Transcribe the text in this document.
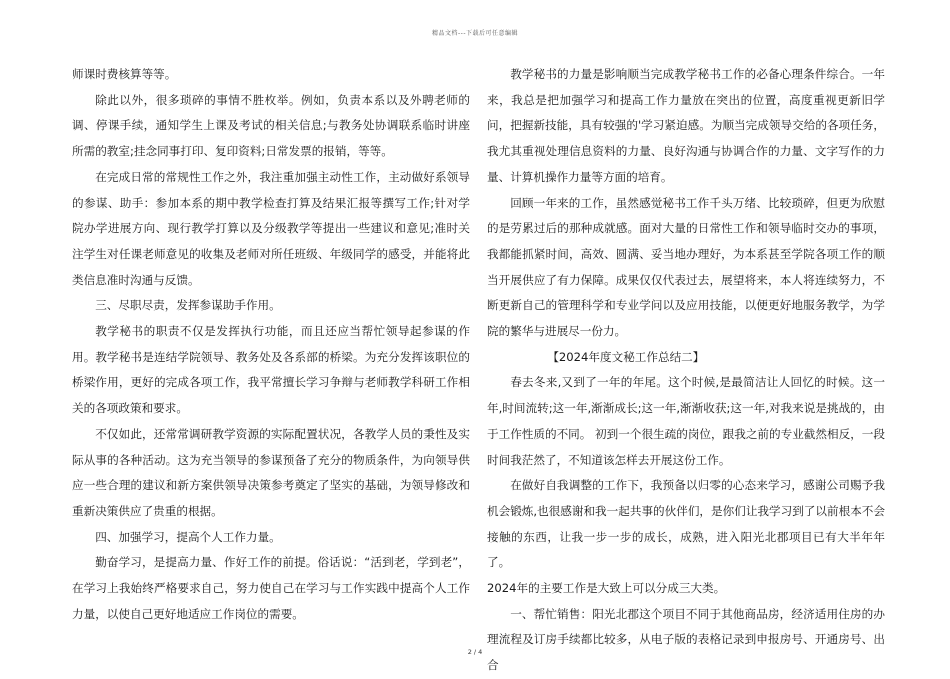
精品文档---下载后可任意编辑

师课时费核算等等。

除此以外，很多琐碎的事情不胜枚举。例如，负责本系以及外聘老师的调、停课手续，通知学生上课及考试的相关信息;与教务处协调联系临时讲座所需的教室;挂念同事打印、复印资料;日常发票的报销，等等。

在完成日常的常规性工作之外，我注重加强主动性工作，主动做好系领导的参谋、助手：参加本系的期中教学检查打算及结果汇报等撰写工作;针对学院办学进展方向、现行教学打算以及分级教学等提出一些建议和意见;准时关注学生对任课老师意见的收集及老师对所任班级、年级同学的感受，并能将此类信息准时沟通与反馈。

三、尽职尽责，发挥参谋助手作用。

教学秘书的职责不仅是发挥执行功能，而且还应当帮忙领导起参谋的作用。教学秘书是连结学院领导、教务处及各系部的桥梁。为充分发挥该职位的桥梁作用，更好的完成各项工作，我平常擅长学习争辩与老师教学科研工作相关的各项政策和要求。

不仅如此，还常常调研教学资源的实际配置状况，各教学人员的秉性及实际从事的各种活动。这为充当领导的参谋预备了充分的物质条件，为向领导供应一些合理的建议和新方案供领导决策参考奠定了坚实的基础，为领导修改和重新决策供应了贵重的根据。

四、加强学习，提高个人工作力量。

勤奋学习，是提高力量、作好工作的前提。俗话说：“活到老，学到老”，在学习上我始终严格要求自己，努力使自己在学习与工作实践中提高个人工作力量，以使自己更好地适应工作岗位的需要。

教学秘书的力量是影响顺当完成教学秘书工作的必备心理条件综合。一年来，我总是把加强学习和提高工作力量放在突出的位置，高度重视更新旧学问，把握新技能，具有较强的'学习紧迫感。为顺当完成领导交给的各项任务，我尤其重视处理信息资料的力量、良好沟通与协调合作的力量、文字写作的力量、计算机操作力量等方面的培育。

回顾一年来的工作，虽然感觉秘书工作千头万绪、比较琐碎，但更为欣慰的是劳累过后的那种成就感。面对大量的日常性工作和领导临时交办的事项，我都能抓紧时间，高效、圆满、妥当地办理好，为本系甚至学院各项工作的顺当开展供应了有力保障。成果仅仅代表过去，展望将来，本人将连续努力，不断更新自己的管理科学和专业学问以及应用技能，以便更好地服务教学，为学院的繁华与进展尽一份力。

【2024年度文秘工作总结二】

春去冬来,又到了一年的年尾。这个时候,是最简洁让人回忆的时候。这一年,时间流转;这一年,渐渐成长;这一年,渐渐收获;这一年,对我来说是挑战的，由于工作性质的不同。 初到一个很生疏的岗位，跟我之前的专业截然相反，一段时间我茫然了，不知道该怎样去开展这份工作。

在做好自我调整的工作下，我预备以归零的心态来学习，感谢公司赐予我机会锻炼,也很感谢和我一起共事的伙伴们，是你们让我学习到了以前根本不会接触的东西，让我一步一步的成长，成熟，进入阳光北郡项目已有大半年年了。

2024年的主要工作是大致上可以分成三大类。

一、帮忙销售：阳光北郡这个项目不同于其他商品房，经济适用住房的办理流程及订房手续都比较多，从电子版的表格记录到申报房号、开通房号、出合

2 / 4
